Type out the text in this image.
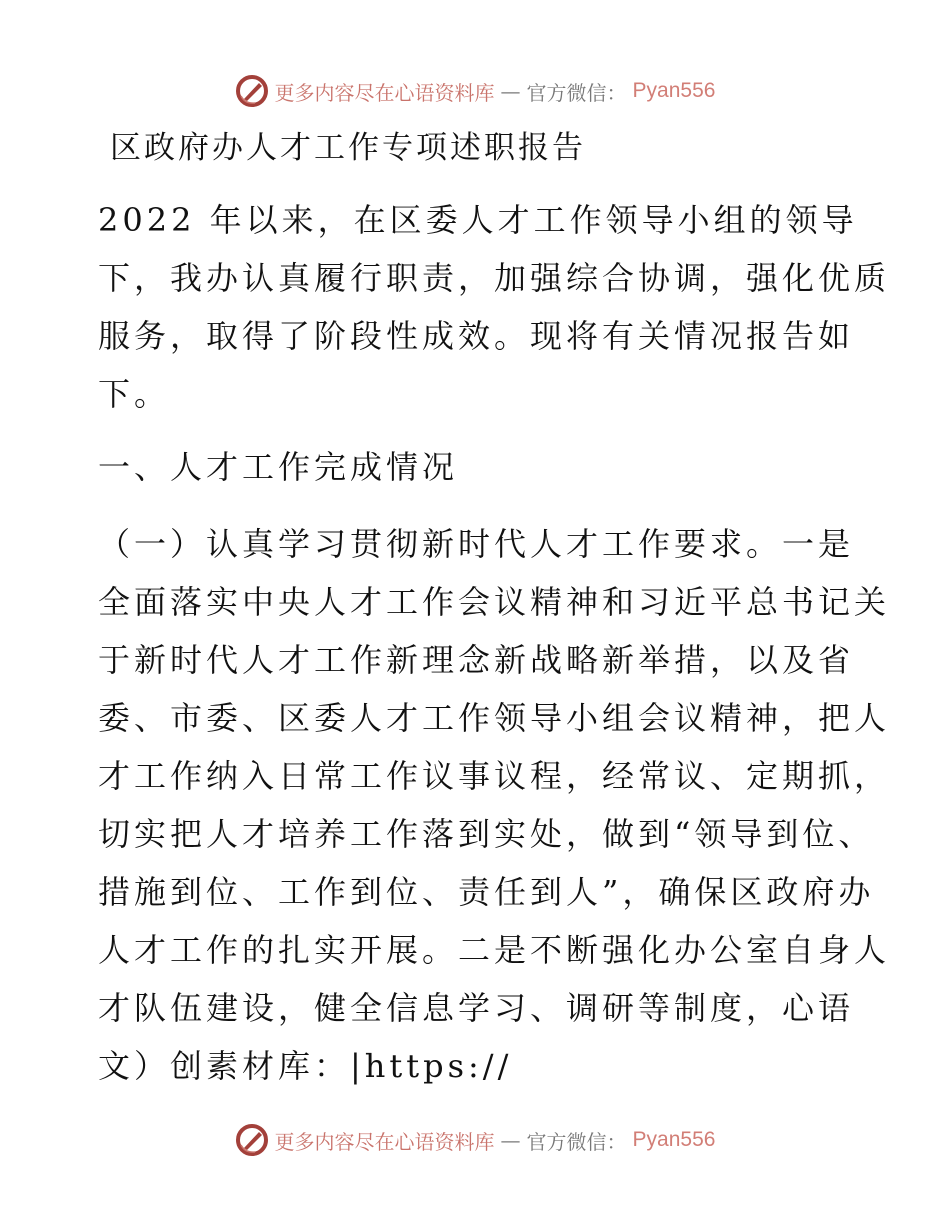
更多内容尽在心语资料库 — 官方微信： Pyan556
区政府办人才工作专项述职报告
2022 年以来，在区委人才工作领导小组的领导
下，我办认真履行职责，加强综合协调，强化优质
服务，取得了阶段性成效。现将有关情况报告如
下。
一、人才工作完成情况
（一）认真学习贯彻新时代人才工作要求。一是
全面落实中央人才工作会议精神和习近平总书记关
于新时代人才工作新理念新战略新举措，以及省
委、市委、区委人才工作领导小组会议精神，把人
才工作纳入日常工作议事议程，经常议、定期抓，
切实把人才培养工作落到实处，做到“领导到位、
措施到位、工作到位、责任到人”，确保区政府办
人才工作的扎实开展。二是不断强化办公室自身人
才队伍建设，健全信息学习、调研等制度，心语
文）创素材库：|https://
更多内容尽在心语资料库 — 官方微信： Pyan556
